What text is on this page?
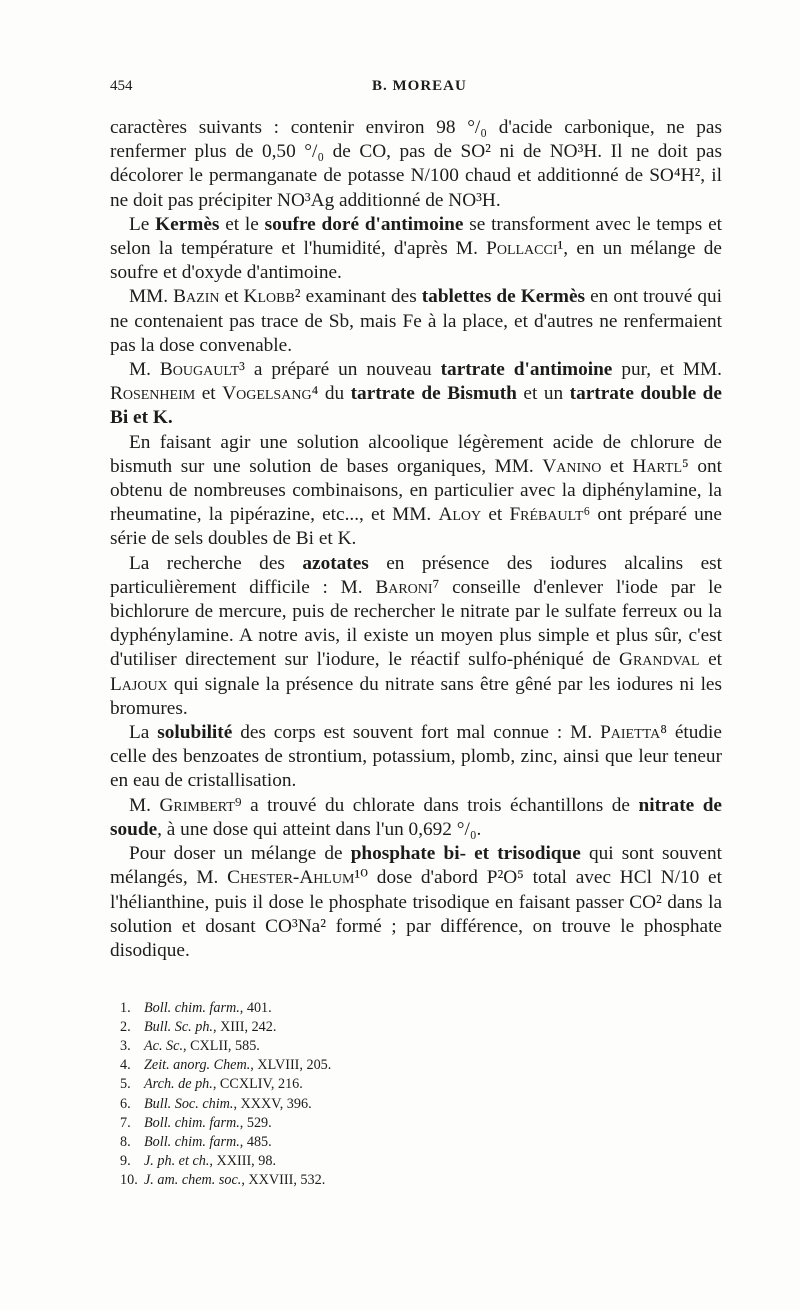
454	B. MOREAU

caractères suivants : contenir environ 98 °/₀ d'acide carbonique, ne pas renfermer plus de 0,50 °/₀ de CO, pas de SO² ni de NO³H. Il ne doit pas décolorer le permanganate de potasse N/100 chaud et additionné de SO⁴H², il ne doit pas précipiter NO³Ag additionné de NO³H.

Le Kermès et le soufre doré d'antimoine se transforment avec le temps et selon la température et l'humidité, d'après M. Pollacci¹, en un mélange de soufre et d'oxyde d'antimoine.

MM. Bazin et Klobb² examinant des tablettes de Kermès en ont trouvé qui ne contenaient pas trace de Sb, mais Fe à la place, et d'autres ne renfermaient pas la dose convenable.

M. Bougault³ a préparé un nouveau tartrate d'antimoine pur, et MM. Rosenheim et Vogelsang⁴ du tartrate de Bismuth et un tartrate double de Bi et K.

En faisant agir une solution alcoolique légèrement acide de chlorure de bismuth sur une solution de bases organiques, MM. Vanino et Hartl⁵ ont obtenu de nombreuses combinaisons, en particulier avec la diphénylamine, la rheumatine, la pipérazine, etc..., et MM. Aloy et Frébault⁶ ont préparé une série de sels doubles de Bi et K.

La recherche des azotates en présence des iodures alcalins est particulièrement difficile : M. Baroni⁷ conseille d'enlever l'iode par le bichlorure de mercure, puis de rechercher le nitrate par le sulfate ferreux ou la dyphénylamine. A notre avis, il existe un moyen plus simple et plus sûr, c'est d'utiliser directement sur l'iodure, le réactif sulfo-phéniqué de Grandval et Lajoux qui signale la présence du nitrate sans être gêné par les iodures ni les bromures.

La solubilité des corps est souvent fort mal connue : M. Paietta⁸ étudie celle des benzoates de strontium, potassium, plomb, zinc, ainsi que leur teneur en eau de cristallisation.

M. Grimbert⁹ a trouvé du chlorate dans trois échantillons de nitrate de soude, à une dose qui atteint dans l'un 0,692 °/₀.

Pour doser un mélange de phosphate bi- et trisodique qui sont souvent mélangés, M. Chester-Ahlum¹⁰ dose d'abord P²O⁵ total avec HCl N/10 et l'hélianthine, puis il dose le phosphate trisodique en faisant passer CO² dans la solution et dosant CO³Na² formé ; par différence, on trouve le phosphate disodique.

1. Boll. chim. farm., 401.
2. Bull. Sc. ph., XIII, 242.
3. Ac. Sc., CXLII, 585.
4. Zeit. anorg. Chem., XLVIII, 205.
5. Arch. de ph., CCXLIV, 216.
6. Bull. Soc. chim., XXXV, 396.
7. Boll. chim. farm., 529.
8. Boll. chim. farm., 485.
9. J. ph. et ch., XXIII, 98.
10. J. am. chem. soc., XXVIII, 532.
